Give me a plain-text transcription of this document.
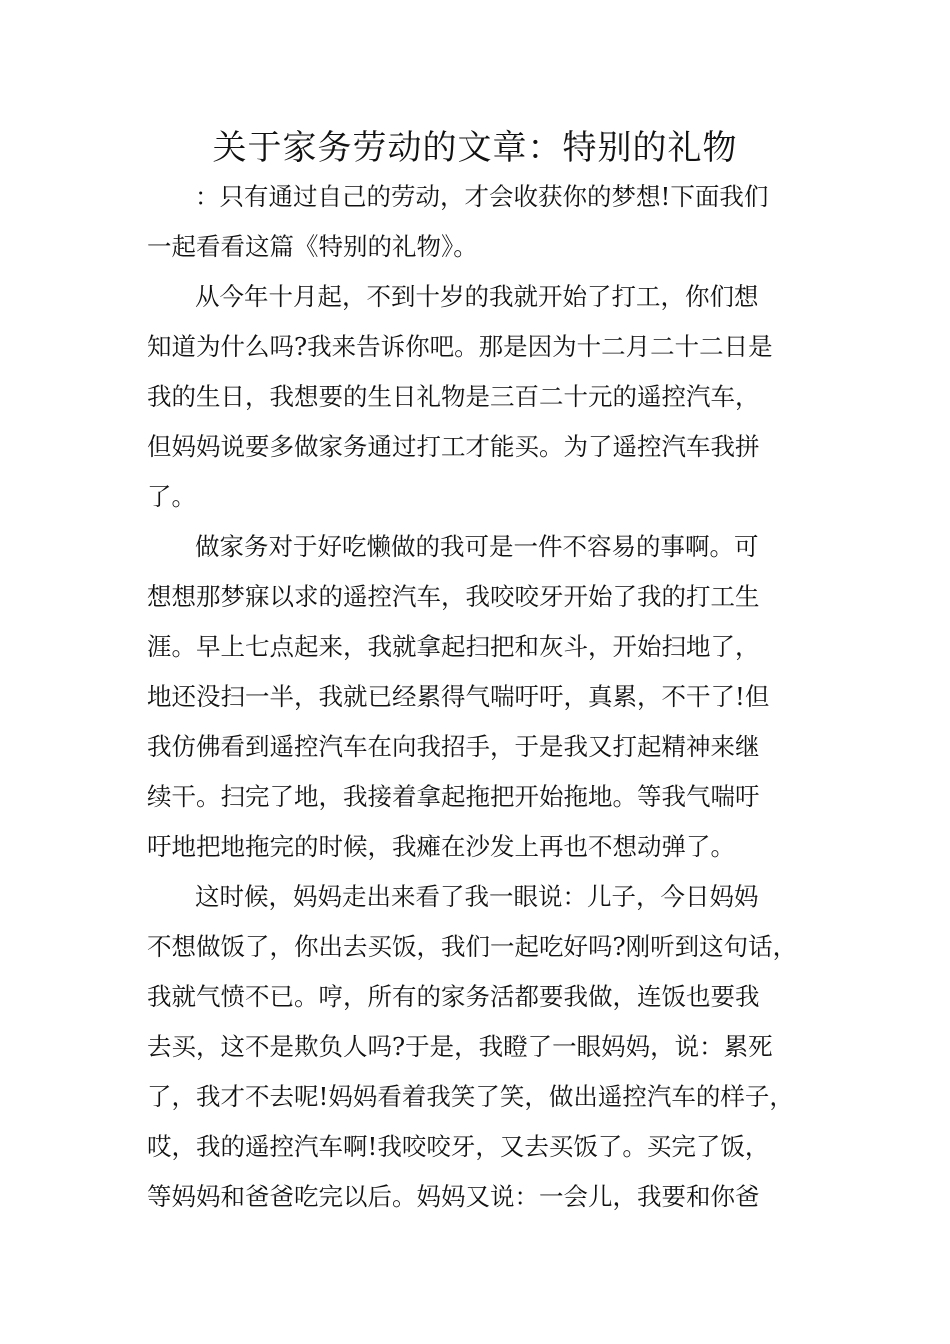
关于家务劳动的文章：特别的礼物

：只有通过自己的劳动，才会收获你的梦想!下面我们
一起看看这篇《特别的礼物》。

从今年十月起，不到十岁的我就开始了打工，你们想
知道为什么吗?我来告诉你吧。那是因为十二月二十二日是
我的生日，我想要的生日礼物是三百二十元的遥控汽车，
但妈妈说要多做家务通过打工才能买。为了遥控汽车我拼
了。

做家务对于好吃懒做的我可是一件不容易的事啊。可
想想那梦寐以求的遥控汽车，我咬咬牙开始了我的打工生
涯。早上七点起来，我就拿起扫把和灰斗，开始扫地了，
地还没扫一半，我就已经累得气喘吁吁，真累，不干了!但
我仿佛看到遥控汽车在向我招手，于是我又打起精神来继
续干。扫完了地，我接着拿起拖把开始拖地。等我气喘吁
吁地把地拖完的时候，我瘫在沙发上再也不想动弹了。

这时候，妈妈走出来看了我一眼说：儿子，今日妈妈
不想做饭了，你出去买饭，我们一起吃好吗?刚听到这句话，
我就气愤不已。哼，所有的家务活都要我做，连饭也要我
去买，这不是欺负人吗?于是，我瞪了一眼妈妈，说：累死
了，我才不去呢!妈妈看着我笑了笑，做出遥控汽车的样子，
哎，我的遥控汽车啊!我咬咬牙，又去买饭了。买完了饭，
等妈妈和爸爸吃完以后。妈妈又说：一会儿，我要和你爸
